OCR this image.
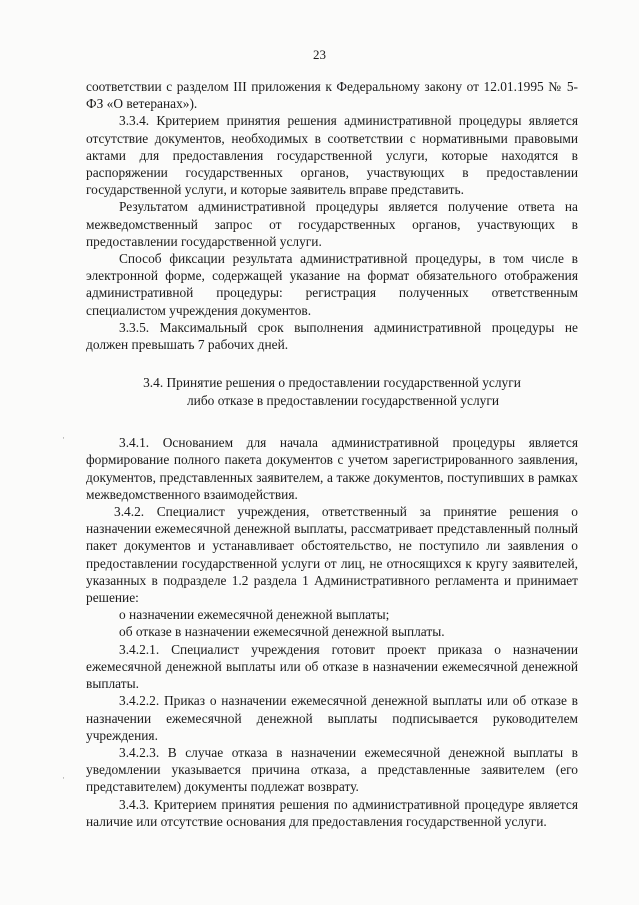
23

соответствии с разделом III приложения к Федеральному закону от 12.01.1995 № 5-ФЗ «О ветеранах»).

3.3.4. Критерием принятия решения административной процедуры является отсутствие документов, необходимых в соответствии с нормативными правовыми актами для предоставления государственной услуги, которые находятся в распоряжении государственных органов, участвующих в предоставлении государственной услуги, и которые заявитель вправе представить.

Результатом административной процедуры является получение ответа на межведомственный запрос от государственных органов, участвующих в предоставлении государственной услуги.

Способ фиксации результата административной процедуры, в том числе в электронной форме, содержащей указание на формат обязательного отображения административной процедуры: регистрация полученных ответственным специалистом учреждения документов.

3.3.5. Максимальный срок выполнения административной процедуры не должен превышать 7 рабочих дней.

3.4. Принятие решения о предоставлении государственной услуги

либо отказе в предоставлении государственной услуги

3.4.1. Основанием для начала административной процедуры является формирование полного пакета документов с учетом зарегистрированного заявления, документов, представленных заявителем, а также документов, поступивших в рамках межведомственного взаимодействия.

3.4.2. Специалист учреждения, ответственный за принятие решения о назначении ежемесячной денежной выплаты, рассматривает представленный полный пакет документов и устанавливает обстоятельство, не поступило ли заявления о предоставлении государственной услуги от лиц, не относящихся к кругу заявителей, указанных в подразделе 1.2 раздела 1 Административного регламента и принимает решение:

о назначении ежемесячной денежной выплаты;

об отказе в назначении ежемесячной денежной выплаты.

3.4.2.1. Специалист учреждения готовит проект приказа о назначении ежемесячной денежной выплаты или об отказе в назначении ежемесячной денежной выплаты.

3.4.2.2. Приказ о назначении ежемесячной денежной выплаты или об отказе в назначении ежемесячной денежной выплаты подписывается руководителем учреждения.

3.4.2.3. В случае отказа в назначении ежемесячной денежной выплаты в уведомлении указывается причина отказа, а представленные заявителем (его представителем) документы подлежат возврату.

3.4.3. Критерием принятия решения по административной процедуре является наличие или отсутствие основания для предоставления государственной услуги.

·
·
